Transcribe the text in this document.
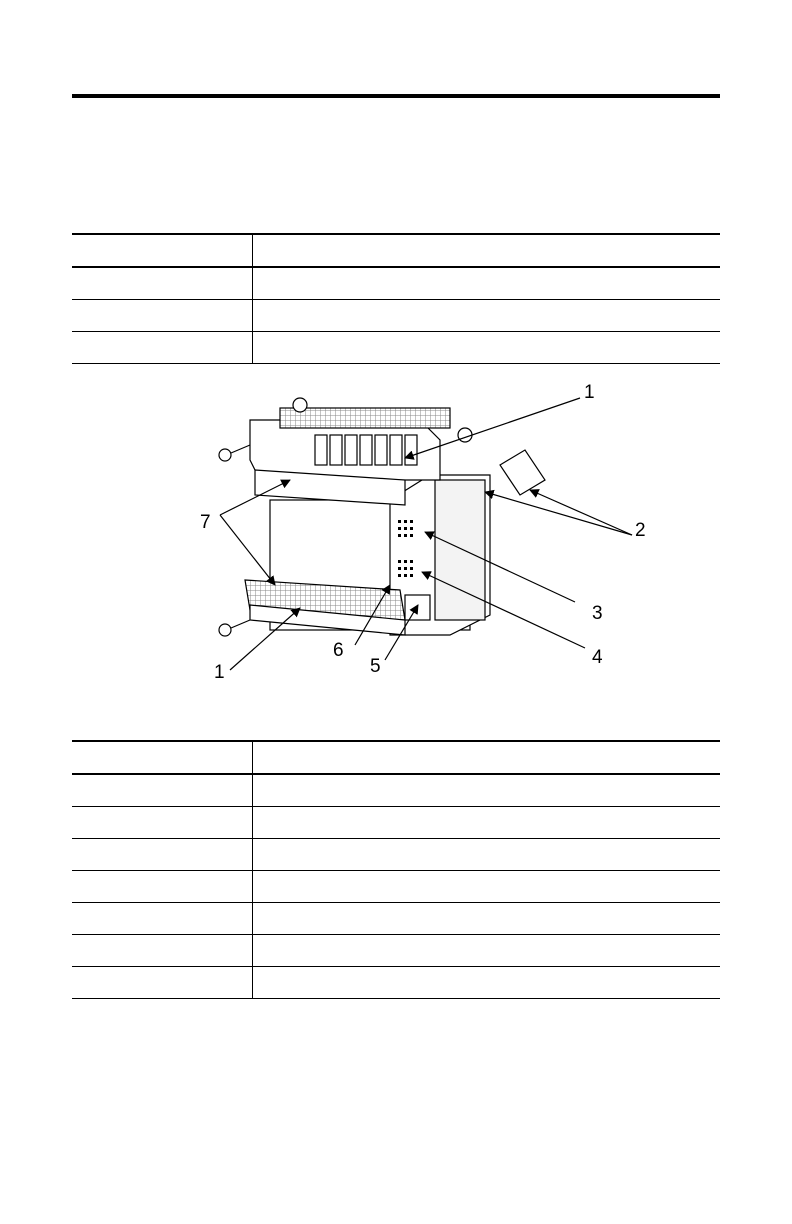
1
2
3
4
5
6
7
1
